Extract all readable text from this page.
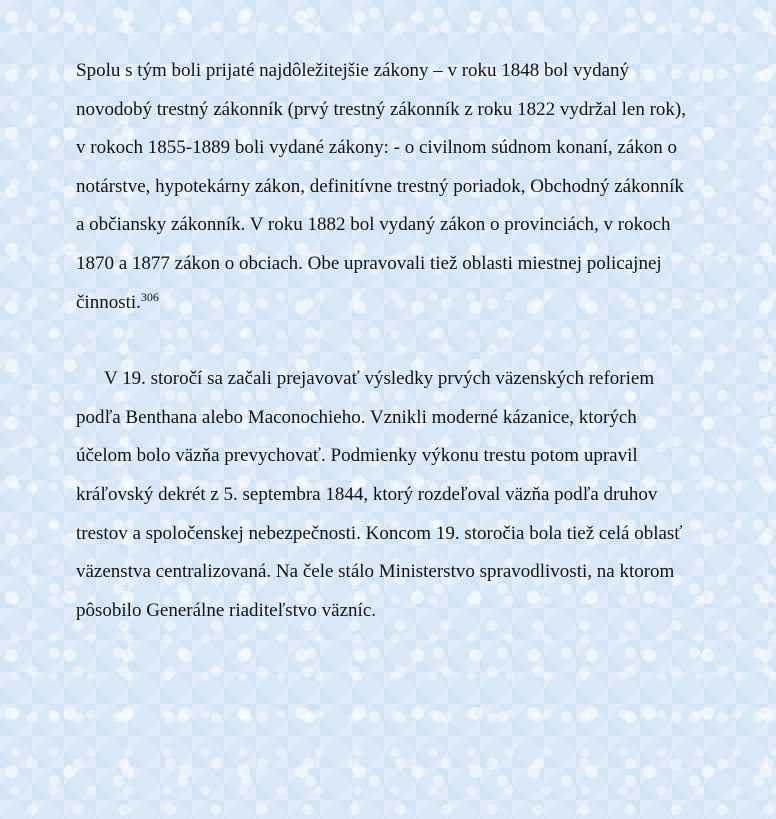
Spolu s tým boli prijaté najdôležitejšie zákony – v roku 1848 bol vydaný novodobý trestný zákonník (prvý trestný zákonník z roku 1822 vydržal len rok), v rokoch 1855-1889 boli vydané zákony: - o civilnom súdnom konaní, zákon o notárstve, hypotekárny zákon, definitívne trestný poriadok, Obchodný zákonník a občiansky zákonník. V roku 1882 bol vydaný zákon o provinciách, v rokoch 1870 a 1877 zákon o obciach. Obe upravovali tiež oblasti miestnej policajnej činnosti.$^{306}$

V 19. storočí sa začali prejavovať výsledky prvých väzenských reforiem podľa Benthana alebo Maconochieho. Vznikli moderné kázanice, ktorých účelom bolo väzňa prevychovať. Podmienky výkonu trestu potom upravil kráľovský dekrét z 5. septembra 1844, ktorý rozdeľoval väzňa podľa druhov trestov a spoločenskej nebezpečnosti. Koncom 19. storočia bola tiež celá oblasť väzenstva centralizovaná. Na čele stálo Ministerstvo spravodlivosti, na ktorom pôsobilo Generálne riaditeľstvo väzníc.
